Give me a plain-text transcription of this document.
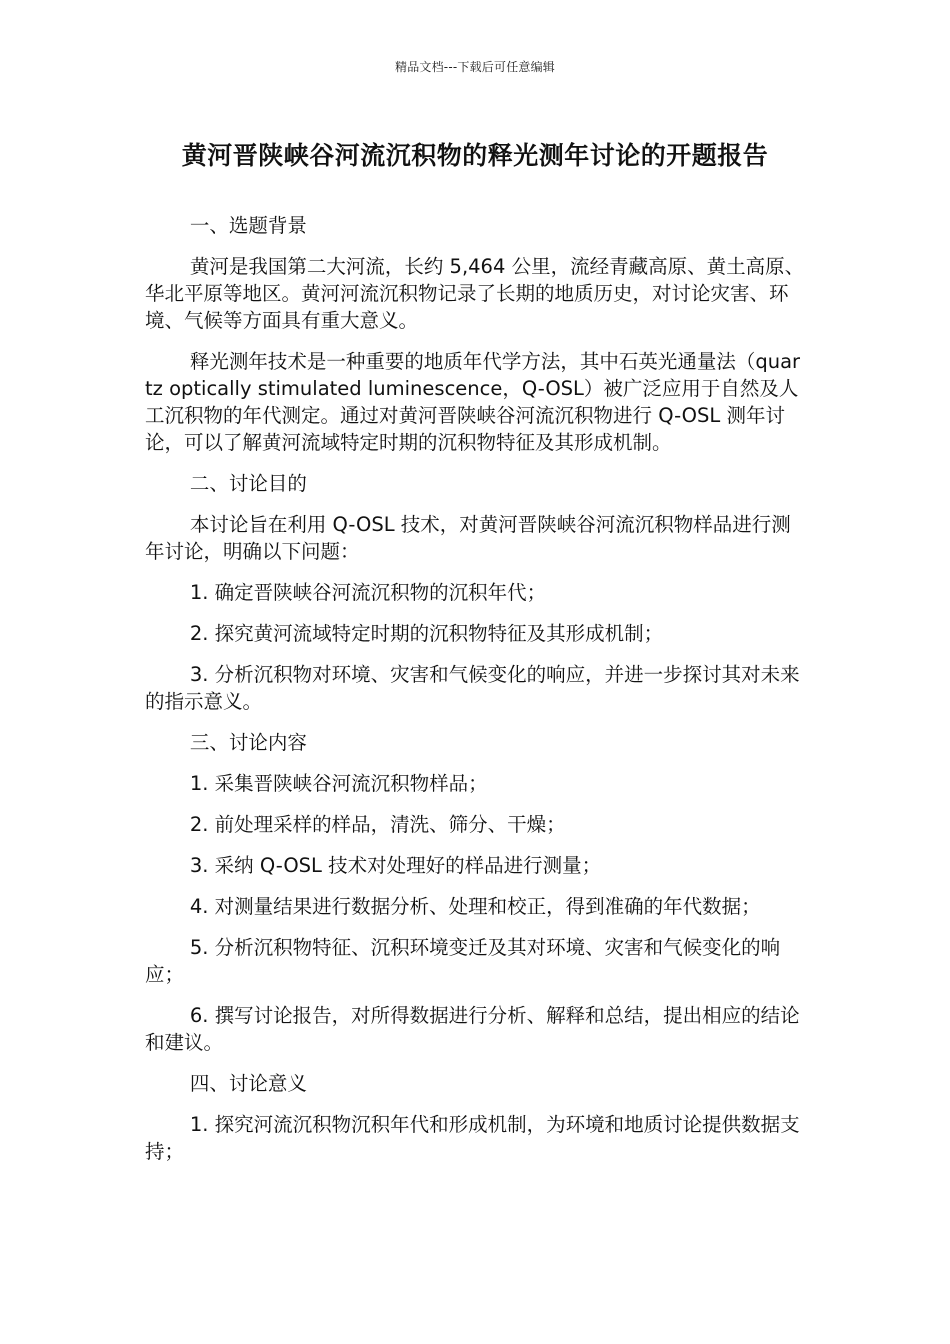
精品文档---下载后可任意编辑
黄河晋陕峡谷河流沉积物的释光测年讨论的开题报告

一、选题背景

黄河是我国第二大河流，长约 5,464 公里，流经青藏高原、黄土高原、华北平原等地区。黄河河流沉积物记录了长期的地质历史，对讨论灾害、环境、气候等方面具有重大意义。

释光测年技术是一种重要的地质年代学方法，其中石英光通量法（quartz optically stimulated luminescence，Q-OSL）被广泛应用于自然及人工沉积物的年代测定。通过对黄河晋陕峡谷河流沉积物进行 Q-OSL 测年讨论，可以了解黄河流域特定时期的沉积物特征及其形成机制。

二、讨论目的

本讨论旨在利用 Q-OSL 技术，对黄河晋陕峡谷河流沉积物样品进行测年讨论，明确以下问题：

1. 确定晋陕峡谷河流沉积物的沉积年代；

2. 探究黄河流域特定时期的沉积物特征及其形成机制；

3. 分析沉积物对环境、灾害和气候变化的响应，并进一步探讨其对未来的指示意义。

三、讨论内容

1. 采集晋陕峡谷河流沉积物样品；

2. 前处理采样的样品，清洗、筛分、干燥；

3. 采纳 Q-OSL 技术对处理好的样品进行测量；

4. 对测量结果进行数据分析、处理和校正，得到准确的年代数据；

5. 分析沉积物特征、沉积环境变迁及其对环境、灾害和气候变化的响应；

6. 撰写讨论报告，对所得数据进行分析、解释和总结，提出相应的结论和建议。

四、讨论意义

1. 探究河流沉积物沉积年代和形成机制，为环境和地质讨论提供数据支持；
